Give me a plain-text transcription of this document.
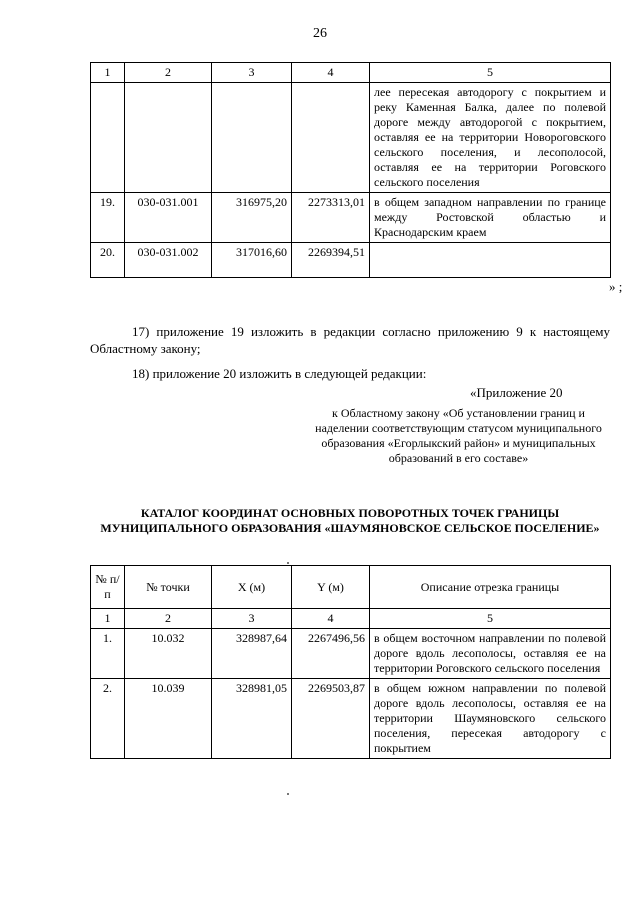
26
1	2	3	4	5
				лее пересекая автодорогу с покрытием и реку Каменная Балка, далее по полевой дороге между автодорогой с покрытием, оставляя ее на территории Новороговского сельского поселения, и лесополосой, оставляя ее на территории Роговского сельского поселения
19.	030-031.001	316975,20	2273313,01	в общем западном направлении по границе между Ростовской областью и Краснодарским краем
20.	030-031.002	317016,60	2269394,51	
» ;
17) приложение 19 изложить в редакции согласно приложению 9 к настоящему Областному закону;
18) приложение 20 изложить в следующей редакции:
«Приложение 20
к Областному закону «Об установлении границ и наделении соответствующим статусом муниципального образования «Егорлыкский район» и муниципальных образований в его составе»
КАТАЛОГ КООРДИНАТ ОСНОВНЫХ ПОВОРОТНЫХ ТОЧЕК ГРАНИЦЫ МУНИЦИПАЛЬНОГО ОБРАЗОВАНИЯ «ШАУМЯНОВСКОЕ СЕЛЬСКОЕ ПОСЕЛЕНИЕ»
№ п/п	№ точки	X (м)	Y (м)	Описание отрезка границы
1	2	3	4	5
1.	10.032	328987,64	2267496,56	в общем восточном направлении по полевой дороге вдоль лесополосы, оставляя ее на территории Роговского сельского поселения
2.	10.039	328981,05	2269503,87	в общем южном направлении по полевой дороге вдоль лесополосы, оставляя ее на территории Шаумяновского сельского поселения, пересекая автодорогу с покрытием
